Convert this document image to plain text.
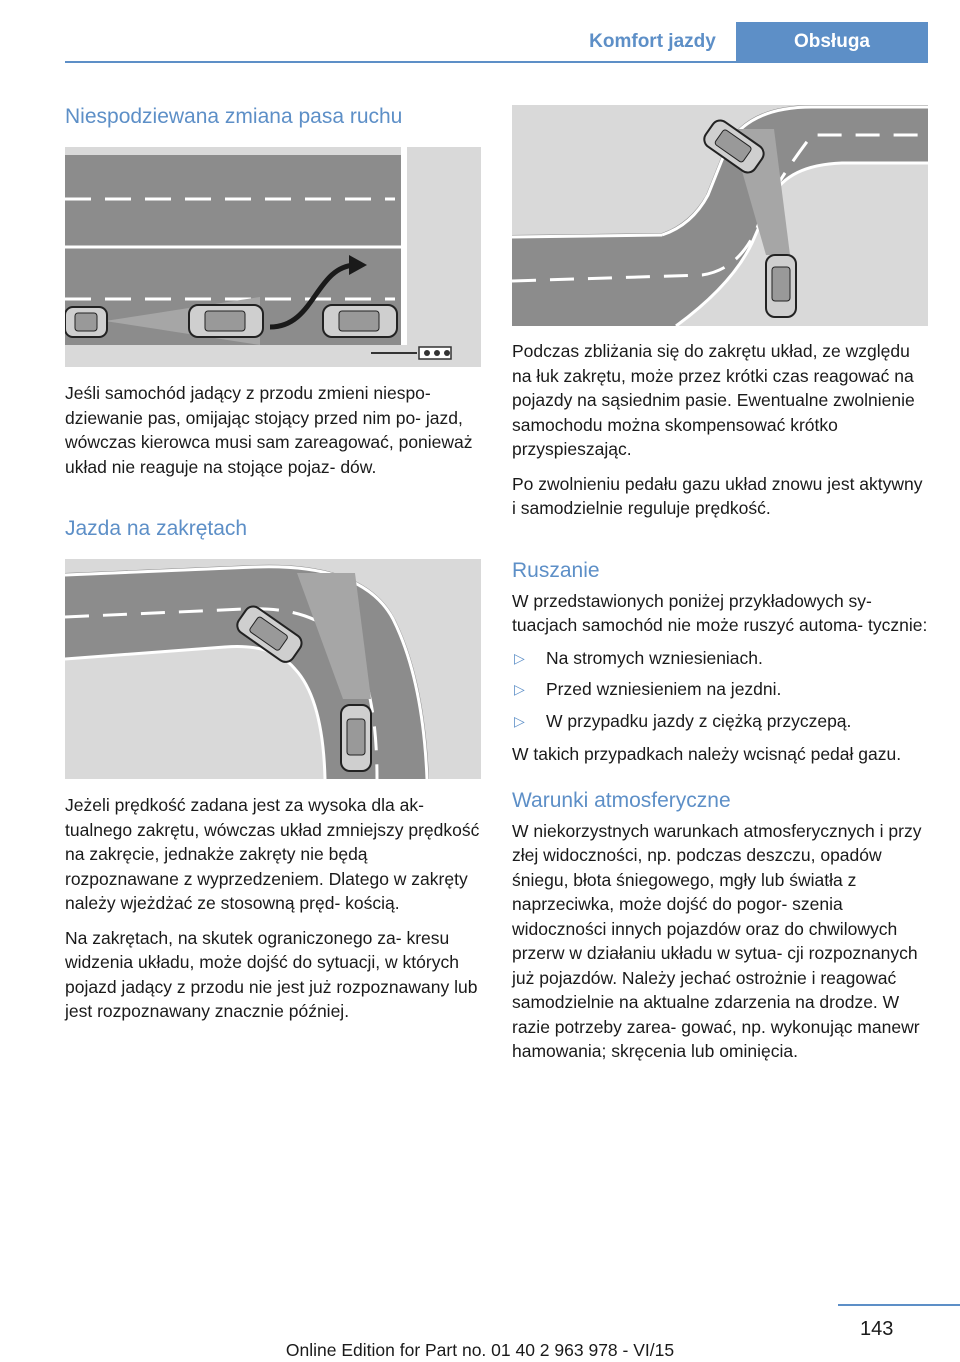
Komfort jazdy	Obsługa
Niespodziewana zmiana pasa ruchu

Jeśli samochód jadący z przodu zmieni niespo‐ dziewanie pas, omijając stojący przed nim po‐ jazd, wówczas kierowca musi sam zareagować, ponieważ układ nie reaguje na stojące pojaz‐ dów.

Jazda na zakrętach

Jeżeli prędkość zadana jest za wysoka dla ak‐ tualnego zakrętu, wówczas układ zmniejszy prędkość na zakręcie, jednakże zakręty nie będą rozpoznawane z wyprzedzeniem. Dlatego w zakręty należy wjeżdżać ze stosowną pręd‐ kością.

Na zakrętach, na skutek ograniczonego za‐ kresu widzenia układu, może dojść do sytuacji, w których pojazd jadący z przodu nie jest już rozpoznawany lub jest rozpoznawany znacznie później.

Podczas zbliżania się do zakrętu układ, ze względu na łuk zakrętu, może przez krótki czas reagować na pojazdy na sąsiednim pasie. Ewentualne zwolnienie samochodu można skompensować krótko przyspieszając.

Po zwolnieniu pedału gazu układ znowu jest aktywny i samodzielnie reguluje prędkość.

Ruszanie

W przedstawionych poniżej przykładowych sy‐ tuacjach samochód nie może ruszyć automa‐ tycznie:

▷ Na stromych wzniesieniach.
▷ Przed wzniesieniem na jezdni.
▷ W przypadku jazdy z ciężką przyczepą.

W takich przypadkach należy wcisnąć pedał gazu.

Warunki atmosferyczne

W niekorzystnych warunkach atmosferycznych i przy złej widoczności, np. podczas deszczu, opadów śniegu, błota śniegowego, mgły lub światła z naprzeciwka, może dojść do pogor‐ szenia widoczności innych pojazdów oraz do chwilowych przerw w działaniu układu w sytua‐ cji rozpoznanych już pojazdów. Należy jechać ostrożnie i reagować samodzielnie na aktualne zdarzenia na drodze. W razie potrzeby zarea‐ gować, np. wykonując manewr hamowania; skręcenia lub ominięcia.

143
Online Edition for Part no. 01 40 2 963 978 - VI/15
